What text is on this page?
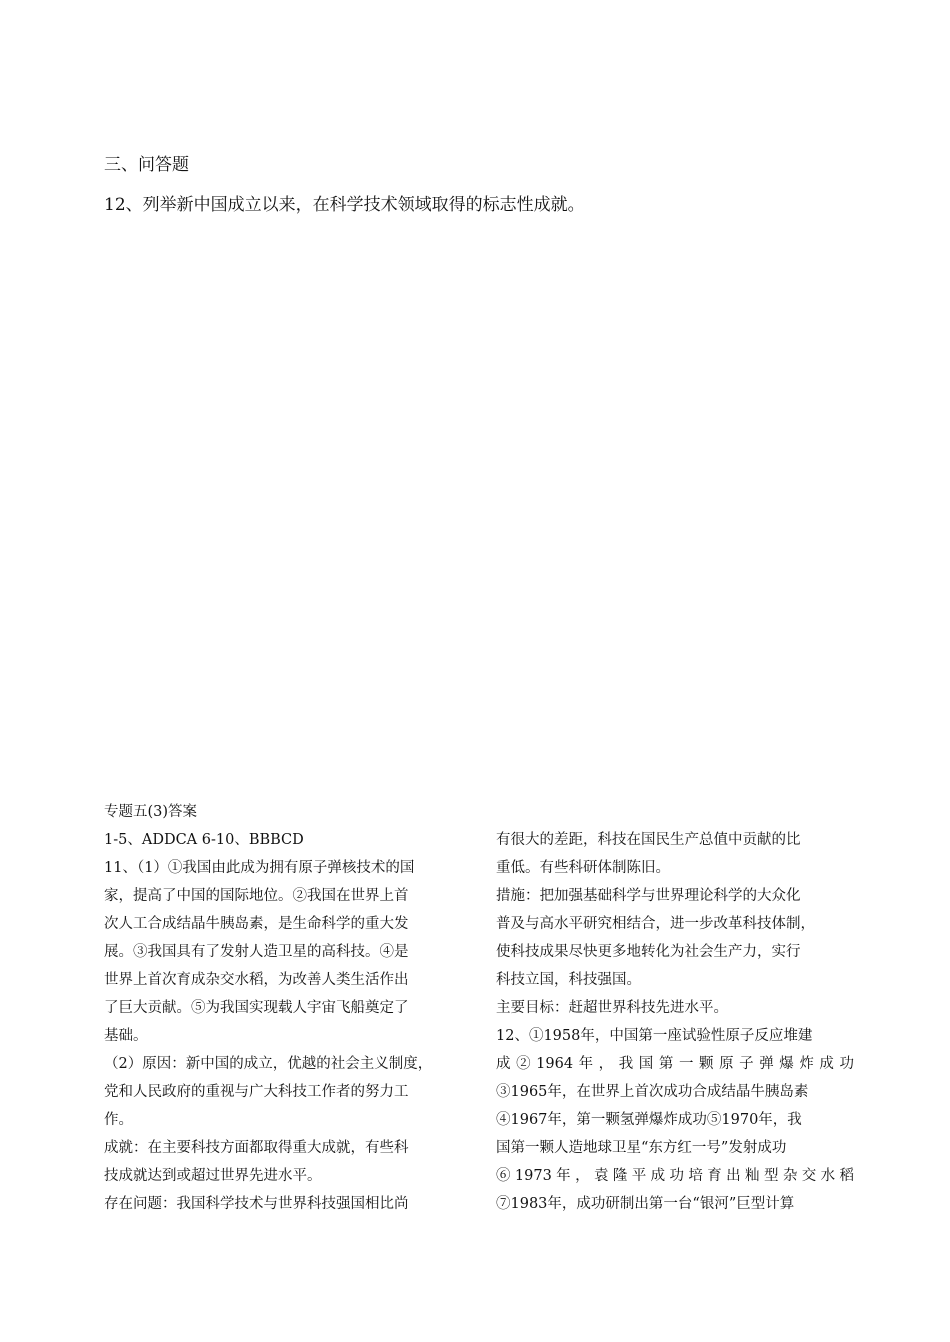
三、问答题
12、列举新中国成立以来，在科学技术领域取得的标志性成就。
专题五(3)答案
1-5、ADDCA 6-10、BBBCD
11、（1）①我国由此成为拥有原子弹核技术的国
家，提高了中国的国际地位。②我国在世界上首
次人工合成结晶牛胰岛素，是生命科学的重大发
展。③我国具有了发射人造卫星的高科技。④是
世界上首次育成杂交水稻，为改善人类生活作出
了巨大贡献。⑤为我国实现载人宇宙飞船奠定了
基础。
（2）原因：新中国的成立，优越的社会主义制度，
党和人民政府的重视与广大科技工作者的努力工
作。
成就：在主要科技方面都取得重大成就，有些科
技成就达到或超过世界先进水平。
存在问题：我国科学技术与世界科技强国相比尚
有很大的差距，科技在国民生产总值中贡献的比
重低。有些科研体制陈旧。
措施：把加强基础科学与世界理论科学的大众化
普及与高水平研究相结合，进一步改革科技体制，
使科技成果尽快更多地转化为社会生产力，实行
科技立国，科技强国。
主要目标：赶超世界科技先进水平。
12、①1958年，中国第一座试验性原子反应堆建
成②1964年，我国第一颗原子弹爆炸成功
③1965年，在世界上首次成功合成结晶牛胰岛素
④1967年，第一颗氢弹爆炸成功⑤1970年，我
国第一颗人造地球卫星“东方红一号”发射成功
⑥1973年，袁隆平成功培育出籼型杂交水稻
⑦1983年，成功研制出第一台“银河”巨型计算
